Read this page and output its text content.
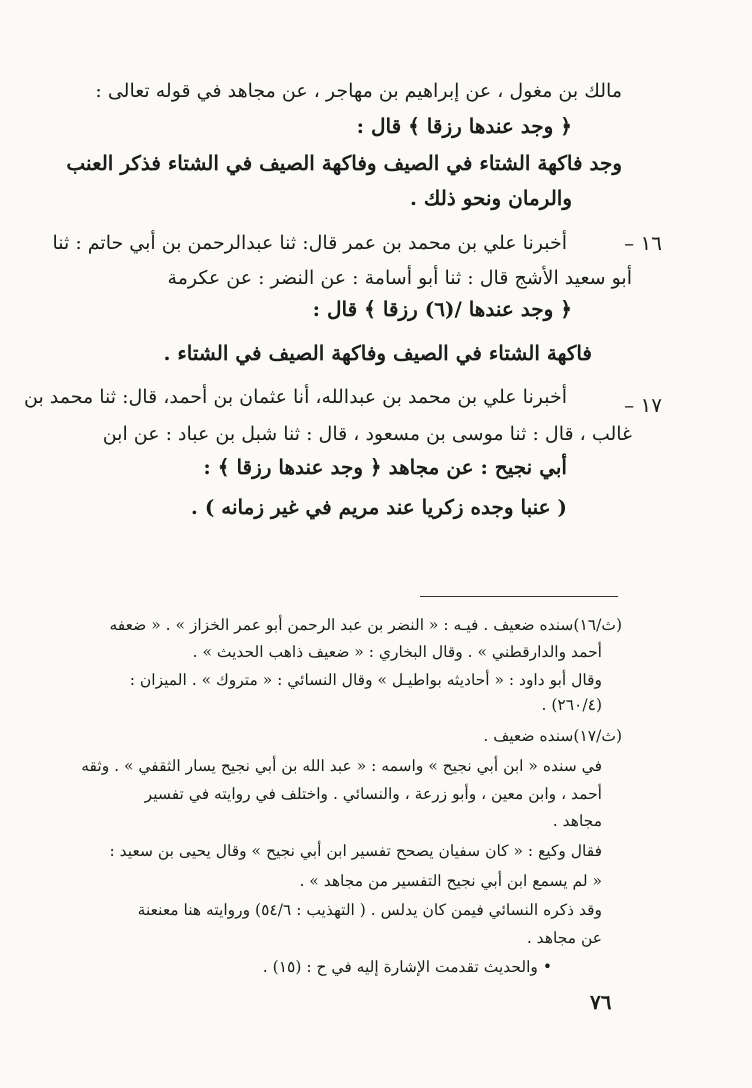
مالك بن مغول ، عن إبراهيم بن مهاجر ، عن مجاهد في قوله تعالى :
﴿ وجد عندها رزقا ﴾ قال :
وجد فاكهة الشتاء في الصيف وفاكهة الصيف في الشتاء فذكر العنب
والرمان ونحو ذلك .
١٦ –
أخبرنا علي بن محمد بن عمر قال: ثنا عبدالرحمن بن أبي حاتم : ثنا
أبو سعيد الأشج قال : ثنا أبو أسامة : عن النضر : عن عكرمة
﴿ وجد عندها /(٦) رزقا ﴾ قال :
فاكهة الشتاء في الصيف وفاكهة الصيف في الشتاء .
١٧ –
أخبرنا علي بن محمد بن عبدالله، أنا عثمان بن أحمد، قال: ثنا محمد بن
غالب ، قال : ثنا موسى بن مسعود ، قال : ثنا شبل بن عباد : عن ابن
أبي نجيح : عن مجاهد ﴿ وجد عندها رزقا ﴾ :
( عنبا وجده زكريا عند مريم في غير زمانه ) .
(ث/١٦)سنده ضعيف . فيـه : « النضر بن عبد الرحمن أبو عمر الخزاز » . « ضعفه
أحمد والدارقطني » . وقال البخاري : « ضعيف ذاهب الحديث » .
وقال أبو داود : « أحاديثه بواطيـل » وقال النسائي : « متروك » . الميزان :
(٢٦٠/٤) .
(ث/١٧)سنده ضعيف .
في سنده « ابن أبي نجيح » واسمه : « عبد الله بن أبي نجيح يسار الثقفي » . وثقه
أحمد ، وابن معين ، وأبو زرعة ، والنسائي . واختلف في روايته في تفسير
مجاهد .
فقال وكيع : « كان سفيان يصحح تفسير ابن أبي نجيح » وقال يحيى بن سعيد :
« لم يسمع ابن أبي نجيح التفسير من مجاهد » .
وقد ذكره النسائي فيمن كان يدلس . ( التهذيب : ٥٤/٦) وروايته هنا معنعنة
عن مجاهد .
• والحديث تقدمت الإشارة إليه في ح : (١٥) .
٧٦
